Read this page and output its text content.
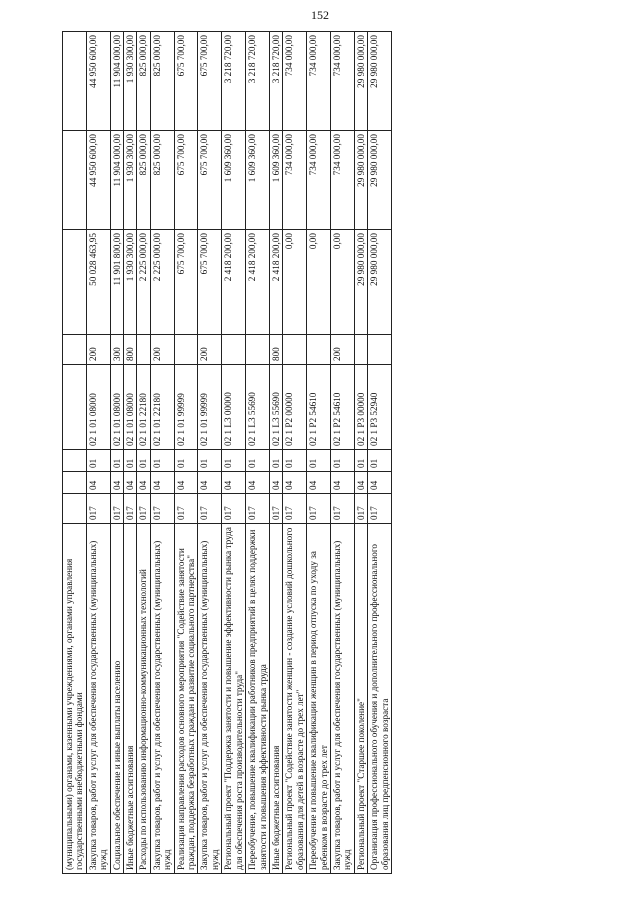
152
(муниципальными) органами, казенными учреждениями, органами управления государственными внебюджетными фондами								
Закупка товаров, работ и услуг для обеспечения государственных (муниципальных) нужд	017	04	01	02 1 01 08000	200	50 028 463,95	44 950 600,00	44 950 600,00
Социальное обеспечение и иные выплаты населению	017	04	01	02 1 01 08000	300	11 901 800,00	11 904 000,00	11 904 000,00
Иные бюджетные ассигнования	017	04	01	02 1 01 08000	800	1 930 300,00	1 930 300,00	1 930 300,00
Расходы по использованию информационно-коммуникационных технологий	017	04	01	02 1 01 22180		2 225 000,00	825 000,00	825 000,00
Закупка товаров, работ и услуг для обеспечения государственных (муниципальных) нужд	017	04	01	02 1 01 22180	200	2 225 000,00	825 000,00	825 000,00
Реализация направления расходов основного мероприятия "Содействие занятости граждан, поддержка безработных граждан и развитие социального партнерства"	017	04	01	02 1 01 99999		675 700,00	675 700,00	675 700,00
Закупка товаров, работ и услуг для обеспечения государственных (муниципальных) нужд	017	04	01	02 1 01 99999	200	675 700,00	675 700,00	675 700,00
Региональный проект "Поддержка занятости и повышение эффективности рынка труда для обеспечения роста производительности труда"	017	04	01	02 1 L3 00000		2 418 200,00	1 609 360,00	3 218 720,00
Переобучение, повышение квалификации работников предприятий в целях поддержки занятости и повышения эффективности рынка труда	017	04	01	02 1 L3 55690		2 418 200,00	1 609 360,00	3 218 720,00
Иные бюджетные ассигнования	017	04	01	02 1 L3 55690	800	2 418 200,00	1 609 360,00	3 218 720,00
Региональный проект "Содействие занятости женщин - создание условий дошкольного образования для детей в возрасте до трех лет"	017	04	01	02 1 P2 00000		0,00	734 000,00	734 000,00
Переобучение и повышение квалификации женщин в период отпуска по уходу за ребенком в возрасте до трех лет	017	04	01	02 1 P2 54610		0,00	734 000,00	734 000,00
Закупка товаров, работ и услуг для обеспечения государственных (муниципальных) нужд	017	04	01	02 1 P2 54610	200	0,00	734 000,00	734 000,00
Региональный проект "Старшее поколение"	017	04	01	02 1 P3 00000		29 980 000,00	29 980 000,00	29 980 000,00
Организация профессионального обучения и дополнительного профессионального образования лиц предпенсионного возраста	017	04	01	02 1 P3 52940		29 980 000,00	29 980 000,00	29 980 000,00
